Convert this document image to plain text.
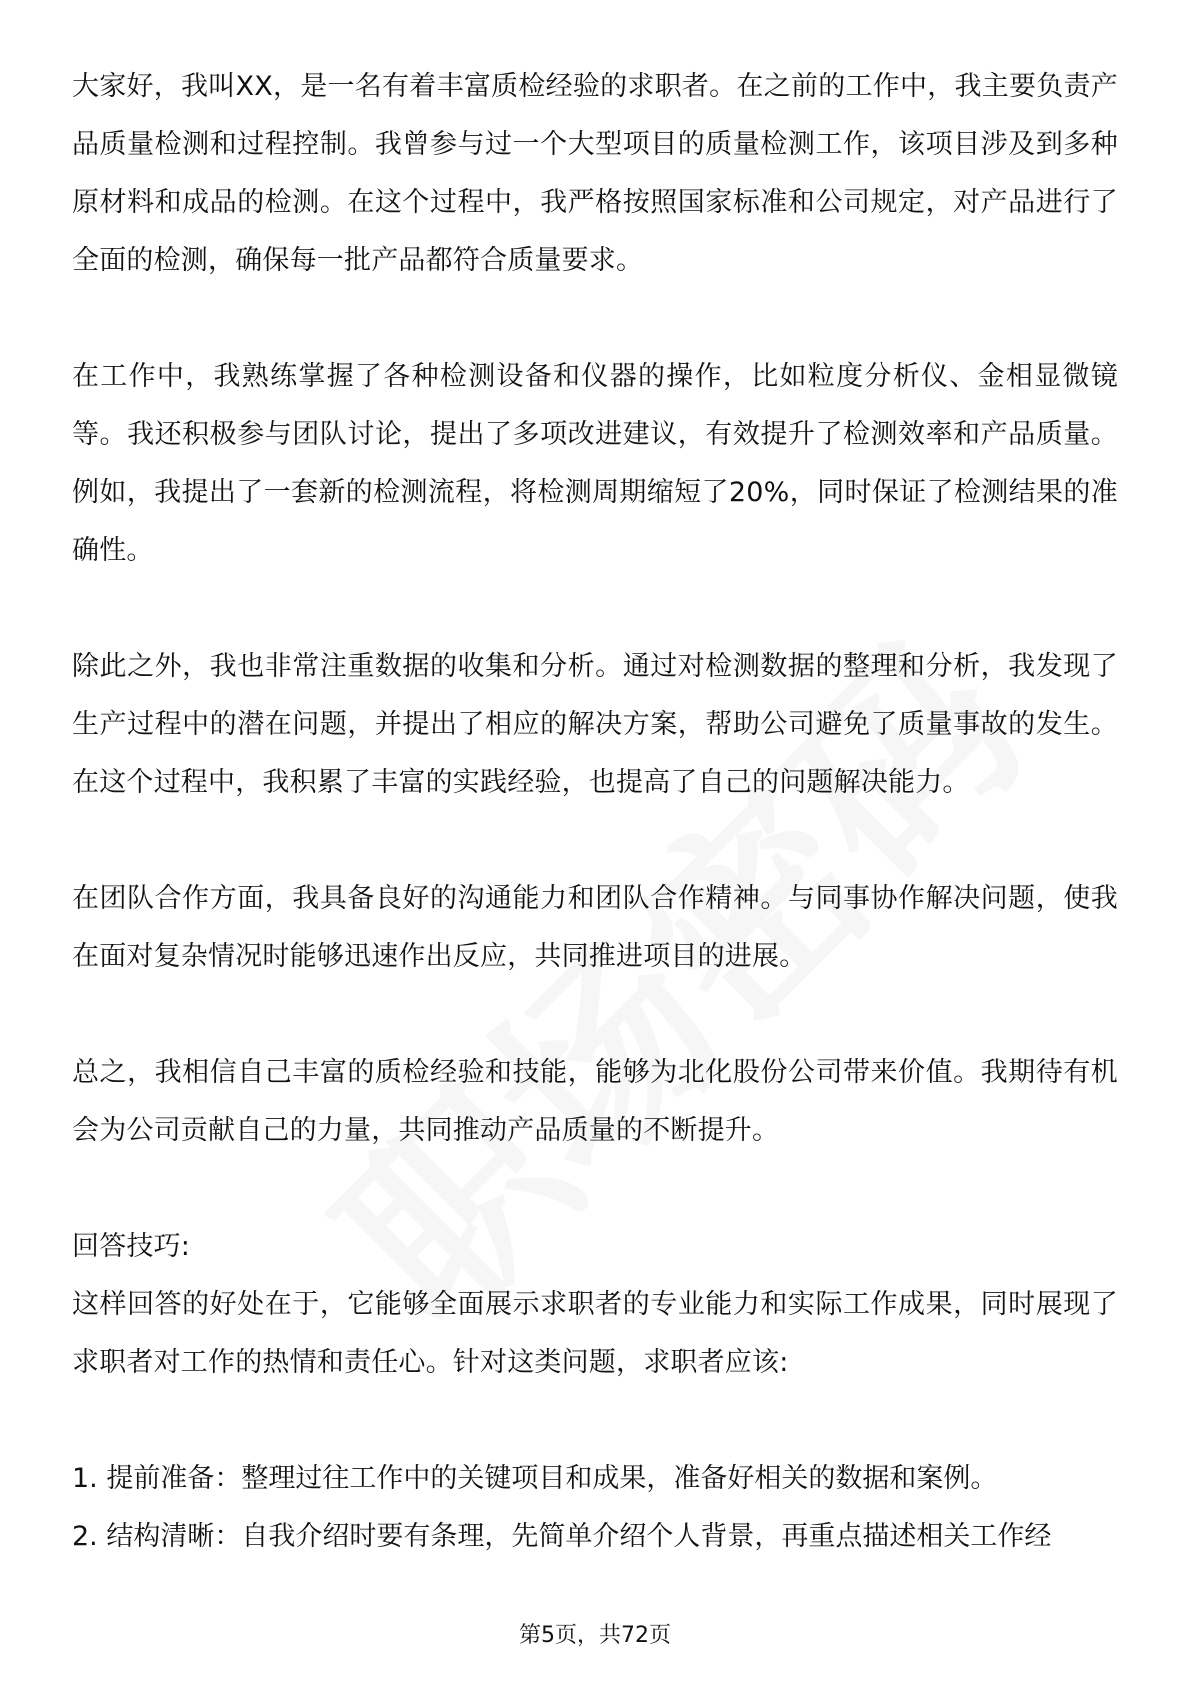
大家好，我叫XX，是一名有着丰富质检经验的求职者。在之前的工作中，我主要负责产品质量检测和过程控制。我曾参与过一个大型项目的质量检测工作，该项目涉及到多种原材料和成品的检测。在这个过程中，我严格按照国家标准和公司规定，对产品进行了全面的检测，确保每一批产品都符合质量要求。

在工作中，我熟练掌握了各种检测设备和仪器的操作，比如粒度分析仪、金相显微镜等。我还积极参与团队讨论，提出了多项改进建议，有效提升了检测效率和产品质量。例如，我提出了一套新的检测流程，将检测周期缩短了20%，同时保证了检测结果的准确性。

除此之外，我也非常注重数据的收集和分析。通过对检测数据的整理和分析，我发现了生产过程中的潜在问题，并提出了相应的解决方案，帮助公司避免了质量事故的发生。在这个过程中，我积累了丰富的实践经验，也提高了自己的问题解决能力。

在团队合作方面，我具备良好的沟通能力和团队合作精神。与同事协作解决问题，使我在面对复杂情况时能够迅速作出反应，共同推进项目的进展。

总之，我相信自己丰富的质检经验和技能，能够为北化股份公司带来价值。我期待有机会为公司贡献自己的力量，共同推动产品质量的不断提升。

回答技巧:

这样回答的好处在于，它能够全面展示求职者的专业能力和实际工作成果，同时展现了求职者对工作的热情和责任心。针对这类问题，求职者应该:

1. 提前准备：整理过往工作中的关键项目和成果，准备好相关的数据和案例。

2. 结构清晰：自我介绍时要有条理，先简单介绍个人背景，再重点描述相关工作经

第5页，共72页
